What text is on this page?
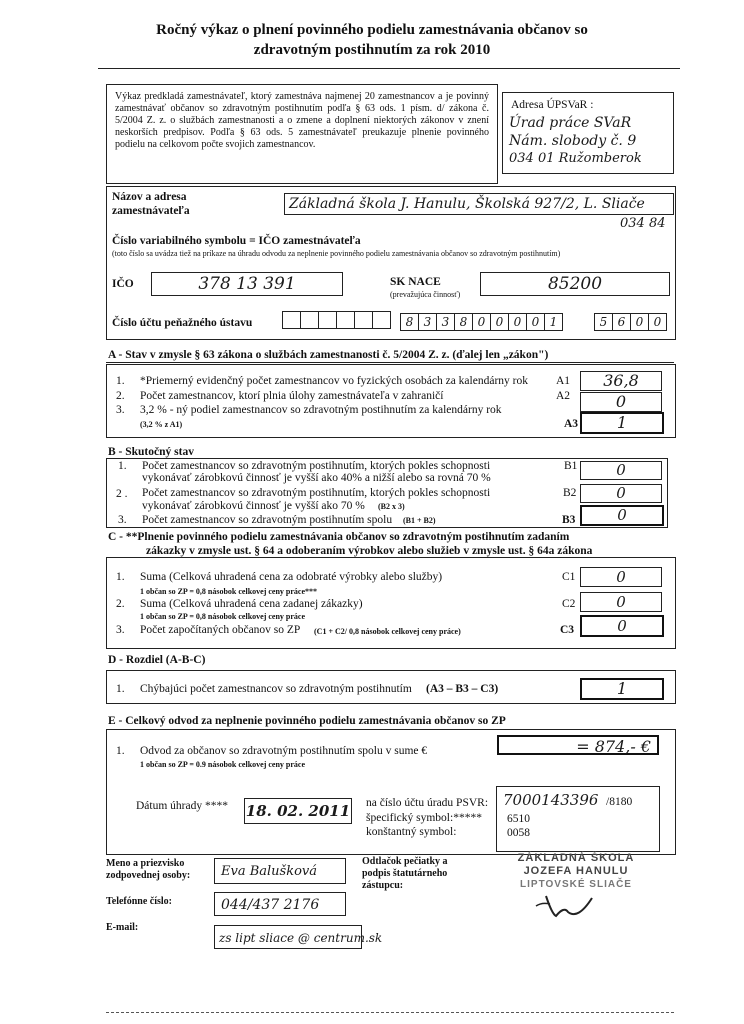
Ročný výkaz o plnení povinného podielu zamestnávania občanov so
zdravotným postihnutím za rok 2010
Výkaz predkladá zamestnávateľ, ktorý zamestnáva najmenej 20 zamestnancov a je povinný zamestnávať občanov so zdravotným postihnutím podľa § 63 ods. 1 písm. d/ zákona č. 5/2004 Z. z. o službách zamestnanosti a o zmene a doplnení niektorých zákonov v znení neskorších predpisov. Podľa § 63 ods. 5 zamestnávateľ preukazuje plnenie povinného podielu na celkovom počte svojich zamestnancov.
Adresa ÚPSVaR :
Úrad práce SVaR
Nám. slobody č. 9
034 01 Ružomberok
Názov a adresa zamestnávateľa	Základná škola J. Hanulu, Školská 927/2, L. Sliače
034 84
Číslo variabilného symbolu = IČO zamestnávateľa
(toto číslo sa uvádza tiež na príkaze na úhradu odvodu za neplnenie povinného podielu zamestnávania občanov so zdravotným postihnutím)
IČO	378 13 391	SK NACE
(prevažujúca činnosť)
85200
Číslo účtu peňažného ústavu	8 3 3 8 0 0 0 0 1	5 6 0 0
A - Stav v zmysle § 63 zákona o službách zamestnanosti č. 5/2004 Z. z. (ďalej len „zákon")
1. *Priemerný evidenčný počet zamestnancov vo fyzických osobách za kalendárny rok A1	36,8
2. Počet zamestnancov, ktorí plnia úlohy zamestnávateľa v zahraničí	A2	0
3. 3,2 % - ný podiel zamestnancov so zdravotným postihnutím za kalendárny rok
(3,2 % z A1)	A3	1
B - Skutočný stav
1. Počet zamestnancov so zdravotným postihnutím, ktorých pokles schopnosti
vykonávať zárobkovú činnosť je vyšší ako 40% a nižší alebo sa rovná 70 %
B1	0
2 . Počet zamestnancov so zdravotným postihnutím, ktorých pokles schopnosti
vykonávať zárobkovú činnosť je vyšší ako 70 % (B2 x 3)
B2	0
3. Počet zamestnancov so zdravotným postihnutím spolu (B1 + B2)	B3	0
C - **Plnenie povinného podielu zamestnávania občanov so zdravotným postihnutím zadaním
zákazky v zmysle ust. § 64 a odoberaním výrobkov alebo služieb v zmysle ust. § 64a zákona
1. Suma (Celková uhradená cena za odobraté výrobky alebo služby)
1 občan so ZP = 0,8 násobok celkovej ceny práce***
C1	0
2. Suma (Celková uhradená cena zadanej zákazky)
1 občan so ZP = 0,8 násobok celkovej ceny práce
C2	0
3. Počet započítaných občanov so ZP (C1 + C2/ 0,8 násobok celkovej ceny práce)	C3	0
D - Rozdiel (A-B-C)
1. Chýbajúci počet zamestnancov so zdravotným postihnutím (A3 – B3 – C3)	1
E - Celkový odvod za neplnenie povinného podielu zamestnávania občanov so ZP
1. Odvod za občanov so zdravotným postihnutím spolu v sume €
1 občan so ZP = 0.9 násobok celkovej ceny práce
= 874,- €
Dátum úhrady **** 18. 02. 2011 na číslo účtu úradu PSVR: 7000143396 /8180
špecifický symbol:***** 6510
konštantný symbol:	0058
Meno a priezvisko zodpovednej osoby:	Eva Balušková
Telefónne číslo:	044/437 2176
E-mail:
zs lipt sliace @ centrum.sk
Odtlačok pečiatky a podpis štatutárneho zástupcu:
ZÁKLADNÁ ŠKOLA
JOZEFA HANULU
LIPTOVSKÉ SLIAČE
